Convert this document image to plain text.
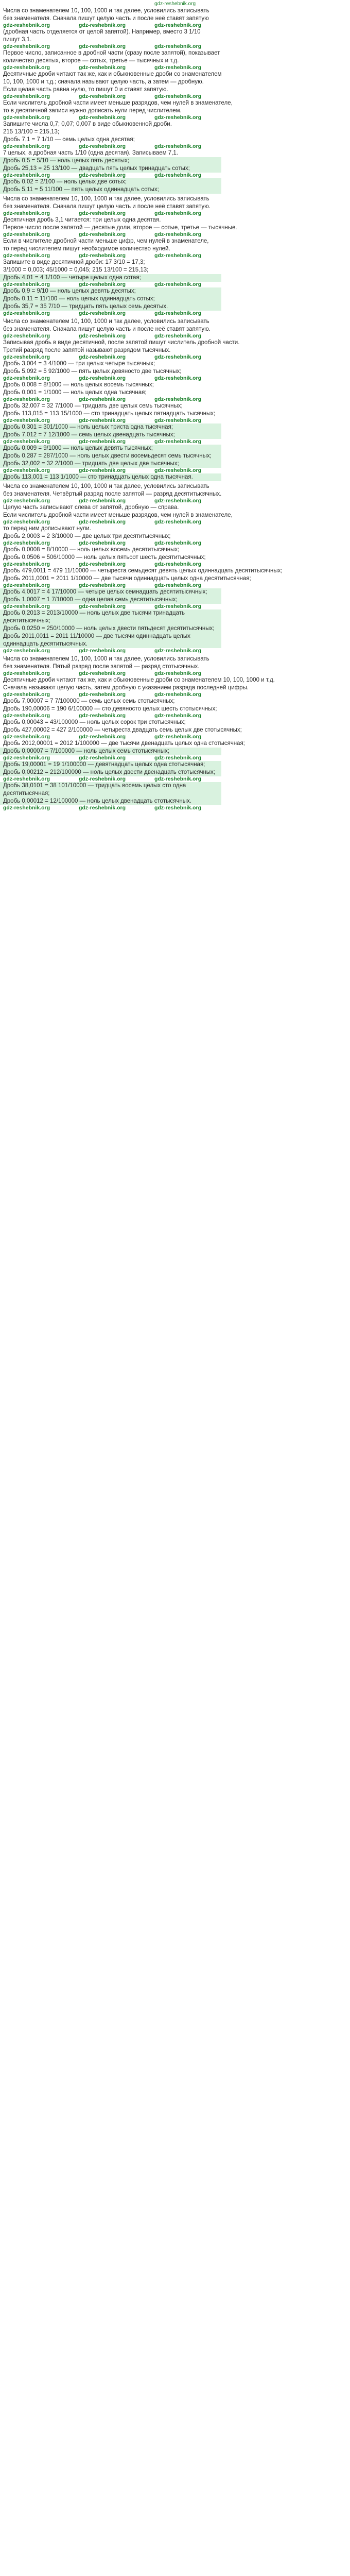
gdz-reshebnik.org
Числа со знаменателем 10, 100, 1000 и так далее, условились записывать
без знаменателя. Сначала пишут целую часть и после неё ставят запятую
gdz-reshebnik.org	gdz-reshebnik.org	gdz-reshebnik.org
(дробная часть отделяется от целой запятой). Например, вместо 3 1/10
пишут 3,1.
gdz-reshebnik.org	gdz-reshebnik.org	gdz-reshebnik.org
Первое число, записанное в дробной части (сразу после запятой), показывает
количество десятых, второе — сотых, третье — тысячных и т.д.
gdz-reshebnik.org	gdz-reshebnik.org	gdz-reshebnik.org
Десятичные дроби читают так же, как и обыкновенные дроби со знаменателем
10, 100, 1000 и т.д.; сначала называют целую часть, а затем — дробную.
Если целая часть равна нулю, то пишут 0 и ставят запятую.
gdz-reshebnik.org	gdz-reshebnik.org	gdz-reshebnik.org
Если числитель дробной части имеет меньше разрядов, чем нулей в знаменателе,
то в десятичной записи нужно дописать нули перед числителем.
gdz-reshebnik.org	gdz-reshebnik.org	gdz-reshebnik.org
Запишите числа 0,7; 0,07; 0,007 в виде обыкновенной дроби.
215 13/100 = 215,13;
Дробь 7,1 = 7 1/10 — семь целых одна десятая;
gdz-reshebnik.org	gdz-reshebnik.org	gdz-reshebnik.org
7 целых, а дробная часть 1/10 (одна десятая). Записываем 7,1.
Дробь 0,5 = 5/10 — ноль целых пять десятых;
Дробь 25,13 = 25 13/100 — двадцать пять целых тринадцать сотых;
gdz-reshebnik.org	gdz-reshebnik.org	gdz-reshebnik.org
Дробь 0,02 = 2/100 — ноль целых две сотых;
Дробь 5,11 = 5 11/100 — пять целых одиннадцать сотых;
Числа со знаменателем 10, 100, 1000 и так далее, условились записывать
без знаменателя. Сначала пишут целую часть и после неё ставят запятую.
gdz-reshebnik.org	gdz-reshebnik.org	gdz-reshebnik.org
Десятичная дробь 3,1 читается: три целых одна десятая.
Первое число после запятой — десятые доли, второе — сотые, третье — тысячные.
gdz-reshebnik.org	gdz-reshebnik.org	gdz-reshebnik.org
Если в числителе дробной части меньше цифр, чем нулей в знаменателе,
то перед числителем пишут необходимое количество нулей.
gdz-reshebnik.org	gdz-reshebnik.org	gdz-reshebnik.org
Запишите в виде десятичной дроби: 17 3/10 = 17,3;
3/1000 = 0,003; 45/1000 = 0,045; 215 13/100 = 215,13;
Дробь 4,01 = 4 1/100 — четыре целых одна сотая;
gdz-reshebnik.org	gdz-reshebnik.org	gdz-reshebnik.org
Дробь 0,9 = 9/10 — ноль целых девять десятых;
Дробь 0,11 = 11/100 — ноль целых одиннадцать сотых;
Дробь 35,7 = 35 7/10 — тридцать пять целых семь десятых.
gdz-reshebnik.org	gdz-reshebnik.org	gdz-reshebnik.org
Числа со знаменателем 10, 100, 1000 и так далее, условились записывать
без знаменателя. Сначала пишут целую часть и после неё ставят запятую.
gdz-reshebnik.org	gdz-reshebnik.org	gdz-reshebnik.org
Записывая дробь в виде десятичной, после запятой пишут числитель дробной части.
Третий разряд после запятой называют разрядом тысячных.
gdz-reshebnik.org	gdz-reshebnik.org	gdz-reshebnik.org
Дробь 3,004 = 3 4/1000 — три целых четыре тысячных;
Дробь 5,092 = 5 92/1000 — пять целых девяносто две тысячных;
gdz-reshebnik.org	gdz-reshebnik.org	gdz-reshebnik.org
Дробь 0,008 = 8/1000 — ноль целых восемь тысячных;
Дробь 0,001 = 1/1000 — ноль целых одна тысячная;
gdz-reshebnik.org	gdz-reshebnik.org	gdz-reshebnik.org
Дробь 32,007 = 32 7/1000 — тридцать две целых семь тысячных;
Дробь 113,015 = 113 15/1000 — сто тринадцать целых пятнадцать тысячных;
gdz-reshebnik.org	gdz-reshebnik.org	gdz-reshebnik.org
Дробь 0,301 = 301/1000 — ноль целых триста одна тысячная;
Дробь 7,012 = 7 12/1000 — семь целых двенадцать тысячных;
gdz-reshebnik.org	gdz-reshebnik.org	gdz-reshebnik.org
Дробь 0,009 = 9/1000 — ноль целых девять тысячных;
Дробь 0,287 = 287/1000 — ноль целых двести восемьдесят семь тысячных;
Дробь 32,002 = 32 2/1000 — тридцать две целых две тысячных;
gdz-reshebnik.org	gdz-reshebnik.org	gdz-reshebnik.org
Дробь 113,001 = 113 1/1000 — сто тринадцать целых одна тысячная.
Числа со знаменателем 10, 100, 1000 и так далее, условились записывать
без знаменателя. Четвёртый разряд после запятой — разряд десятитысячных.
gdz-reshebnik.org	gdz-reshebnik.org	gdz-reshebnik.org
Целую часть записывают слева от запятой, дробную — справа.
Если числитель дробной части имеет меньше разрядов, чем нулей в знаменателе,
gdz-reshebnik.org	gdz-reshebnik.org	gdz-reshebnik.org
то перед ним дописывают нули.
Дробь 2,0003 = 2 3/10000 — две целых три десятитысячных;
gdz-reshebnik.org	gdz-reshebnik.org	gdz-reshebnik.org
Дробь 0,0008 = 8/10000 — ноль целых восемь десятитысячных;
Дробь 0,0506 = 506/10000 — ноль целых пятьсот шесть десятитысячных;
gdz-reshebnik.org	gdz-reshebnik.org	gdz-reshebnik.org
Дробь 479,0011 = 479 11/10000 — четыреста семьдесят девять целых одиннадцать десятитысячных;
Дробь 2011,0001 = 2011 1/10000 — две тысячи одиннадцать целых одна десятитысячная;
gdz-reshebnik.org	gdz-reshebnik.org	gdz-reshebnik.org
Дробь 4,0017 = 4 17/10000 — четыре целых семнадцать десятитысячных;
Дробь 1,0007 = 1 7/10000 — одна целая семь десятитысячных;
gdz-reshebnik.org	gdz-reshebnik.org	gdz-reshebnik.org
Дробь 0,2013 = 2013/10000 — ноль целых две тысячи тринадцать десятитысячных;
Дробь 0,0250 = 250/10000 — ноль целых двести пятьдесят десятитысячных;
Дробь 2011,0011 = 2011 11/10000 — две тысячи одиннадцать целых одиннадцать десятитысячных.
gdz-reshebnik.org	gdz-reshebnik.org	gdz-reshebnik.org
Числа со знаменателем 10, 100, 1000 и так далее, условились записывать
без знаменателя. Пятый разряд после запятой — разряд стотысячных.
gdz-reshebnik.org	gdz-reshebnik.org	gdz-reshebnik.org
Десятичные дроби читают так же, как и обыкновенные дроби со знаменателем 10, 100, 1000 и т.д.
Сначала называют целую часть, затем дробную с указанием разряда последней цифры.
gdz-reshebnik.org	gdz-reshebnik.org	gdz-reshebnik.org
Дробь 7,00007 = 7 7/100000 — семь целых семь стотысячных;
Дробь 190,00006 = 190 6/100000 — сто девяносто целых шесть стотысячных;
gdz-reshebnik.org	gdz-reshebnik.org	gdz-reshebnik.org
Дробь 0,00043 = 43/100000 — ноль целых сорок три стотысячных;
Дробь 427,00002 = 427 2/100000 — четыреста двадцать семь целых две стотысячных;
gdz-reshebnik.org	gdz-reshebnik.org	gdz-reshebnik.org
Дробь 2012,00001 = 2012 1/100000 — две тысячи двенадцать целых одна стотысячная;
Дробь 0,00007 = 7/100000 — ноль целых семь стотысячных;
gdz-reshebnik.org	gdz-reshebnik.org	gdz-reshebnik.org
Дробь 19,00001 = 19 1/100000 — девятнадцать целых одна стотысячная;
Дробь 0,00212 = 212/100000 — ноль целых двести двенадцать стотысячных;
gdz-reshebnik.org	gdz-reshebnik.org	gdz-reshebnik.org
Дробь 38,0101 = 38 101/10000 — тридцать восемь целых сто одна десятитысячная;
Дробь 0,00012 = 12/100000 — ноль целых двенадцать стотысячных.
gdz-reshebnik.org	gdz-reshebnik.org	gdz-reshebnik.org
